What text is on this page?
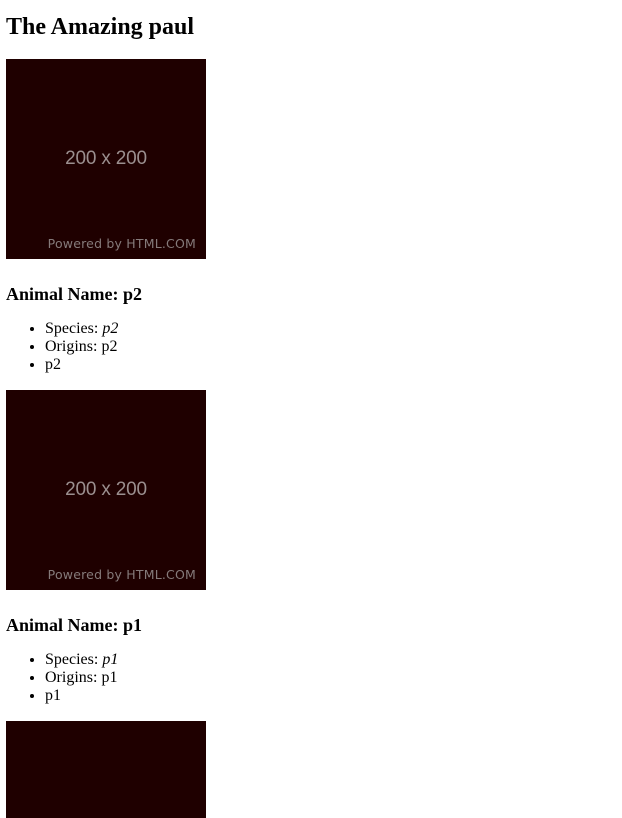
The Amazing paul
200 x 200
Powered by HTML.COM
Animal Name: p2
• Species: p2
• Origins: p2
• p2
200 x 200
Powered by HTML.COM
Animal Name: p1
• Species: p1
• Origins: p1
• p1
